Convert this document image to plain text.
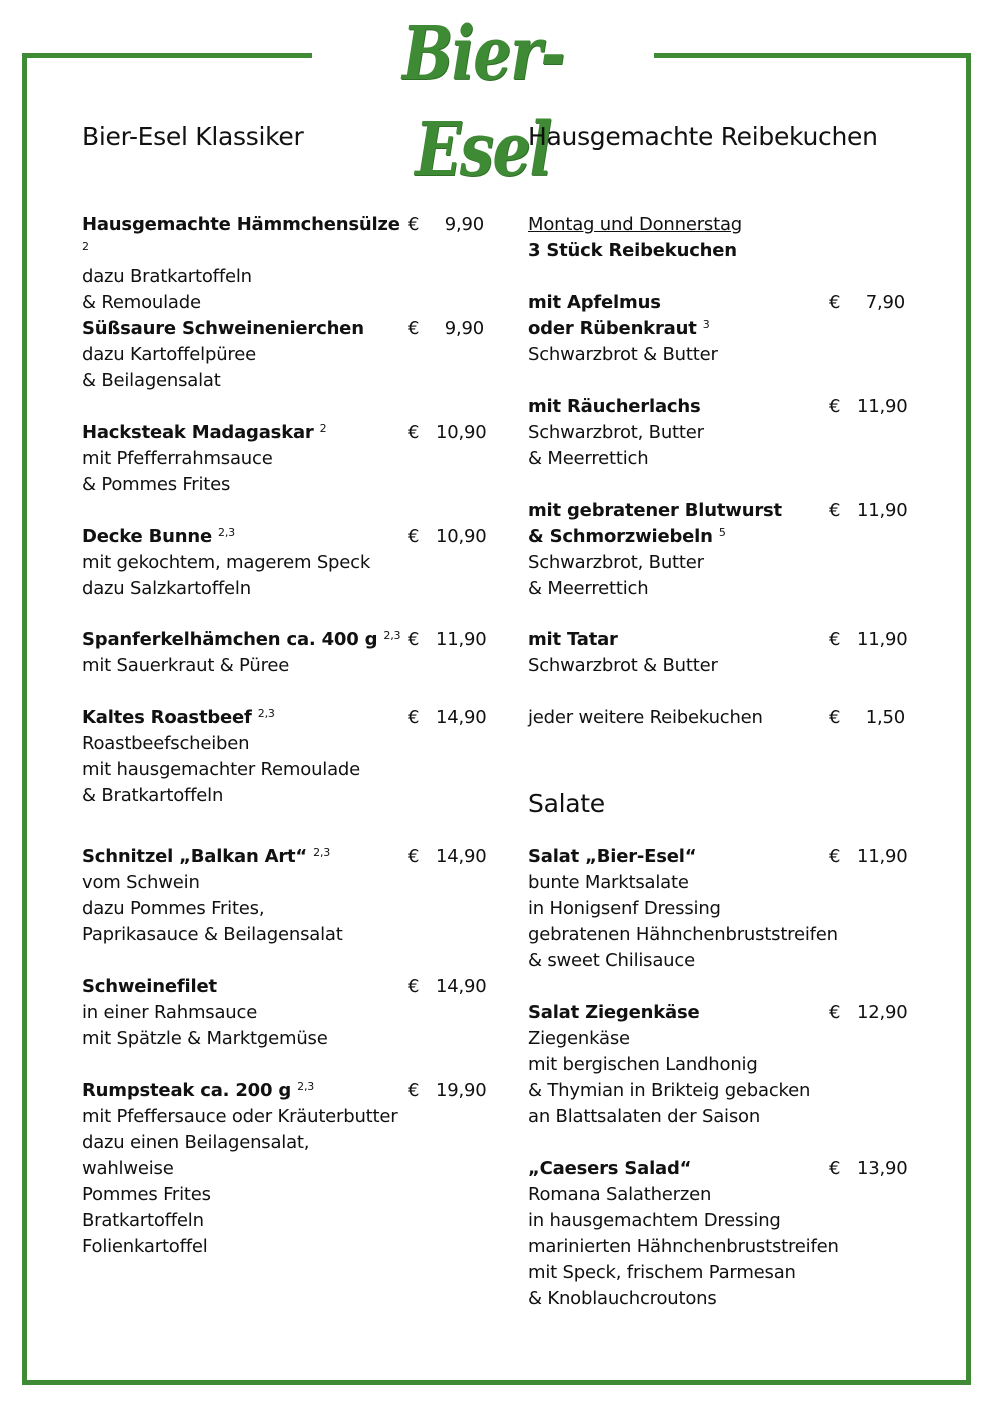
Bier-Esel
Bier-Esel Klassiker
Hausgemachte Hämmchensülze $^2$
€	9,90
dazu Bratkartoffeln
& Remoulade
Süßsaure Schweinenierchen €	9,90
dazu Kartoffelpüree
& Beilagensalat
Hacksteak Madagaskar $^2$	€ 10,90
mit Pfefferrahmsauce
& Pommes Frites
Decke Bunne $^{2,3}$	€ 10,90
mit gekochtem, magerem Speck
dazu Salzkartoffeln
Spanferkelhämchen ca. 400 g $^{2,3}$ € 11,90
mit Sauerkraut & Püree
Kaltes Roastbeef $^{2,3}$	€ 14,90
Roastbeefscheiben
mit hausgemachter Remoulade
& Bratkartoffeln
Schnitzel „Balkan Art“ $^{2,3}$	€ 14,90
vom Schwein
dazu Pommes Frites,
Paprikasauce & Beilagensalat
Schweinefilet	€ 14,90
in einer Rahmsauce
mit Spätzle & Marktgemüse
Rumpsteak ca. 200 g $^{2,3}$	€ 19,90
mit Pfeffersauce oder Kräuterbutter
dazu einen Beilagensalat,
wahlweise
Pommes Frites
Bratkartoffeln
Folienkartoffel
Hausgemachte Reibekuchen
Montag und Donnerstag
3 Stück Reibekuchen
mit Apfelmus	€	7,90
oder Rübenkraut $^3$
Schwarzbrot & Butter
mit Räucherlachs	€ 11,90
Schwarzbrot, Butter
& Meerrettich
mit gebratener Blutwurst	€ 11,90
& Schmorzwiebeln $^5$
Schwarzbrot, Butter
& Meerrettich
mit Tatar	€ 11,90
Schwarzbrot & Butter
jeder weitere Reibekuchen	€	1,50
Salate
Salat „Bier-Esel“	€ 11,90
bunte Marktsalate
in Honigsenf Dressing
gebratenen Hähnchenbruststreifen
& sweet Chilisauce
Salat Ziegenkäse	€ 12,90
Ziegenkäse
mit bergischen Landhonig
& Thymian in Brikteig gebacken
an Blattsalaten der Saison
„Caesers Salad“	€ 13,90
Romana Salatherzen
in hausgemachtem Dressing
marinierten Hähnchenbruststreifen
mit Speck, frischem Parmesan
& Knoblauchcroutons
